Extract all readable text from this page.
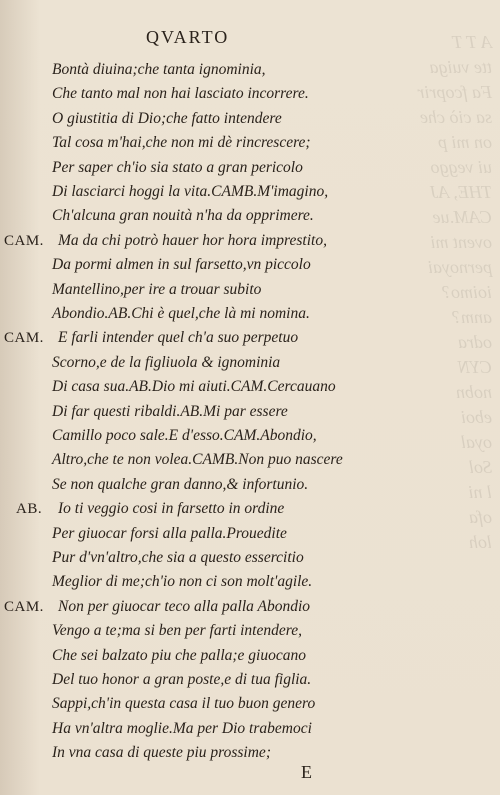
A T T
tte vuiga
Fa fcoprir
sa ciò che
on mi p
ui veggo
THE, AJ
CAM.ue
ovent mi
pernoyai
ioimo?
anm?
odra
CYN
nobn
eboi
oyal
Sol
l ni
ofa
loh
QVARTO
Bontà diuina;che tanta ignominia,
Che tanto mal non hai lasciato incorrere.
O giustitia di Dio;che fatto intendere
Tal cosa m'hai,che non mi dè rincrescere;
Per saper ch'io sia stato a gran pericolo
Di lasciarci hoggi la vita.CAMB.M'imagino,
Ch'alcuna gran nouità n'ha da opprimere.
Ma da chi potrò hauer hor hora imprestito,
Da pormi almen in sul farsetto,vn piccolo
Mantellino,per ire a trouar subito
Abondio.AB.Chi è quel,che là mi nomina.
E farli intender quel ch'a suo perpetuo
Scorno,e de la figliuola & ignominia
Di casa sua.AB.Dio mi aiuti.CAM.Cercauano
Di far questi ribaldi.AB.Mi par essere
Camillo poco sale.E d'esso.CAM.Abondio,
Altro,che te non volea.CAMB.Non puo nascere
Se non qualche gran danno,& infortunio.
Io ti veggio cosi in farsetto in ordine
Per giuocar forsi alla palla.Prouedite
Pur d'vn'altro,che sia a questo essercitio
Meglior di me;ch'io non ci son molt'agile.
Non per giuocar teco alla palla Abondio
Vengo a te;ma si ben per farti intendere,
Che sei balzato piu che palla;e giuocano
Del tuo honor a gran poste,e di tua figlia.
Sappi,ch'in questa casa il tuo buon genero
Ha vn'altra moglie.Ma per Dio trabemoci
In vna casa di queste piu prossime;
CAM.
CAM.
AB.
CAM.
E
